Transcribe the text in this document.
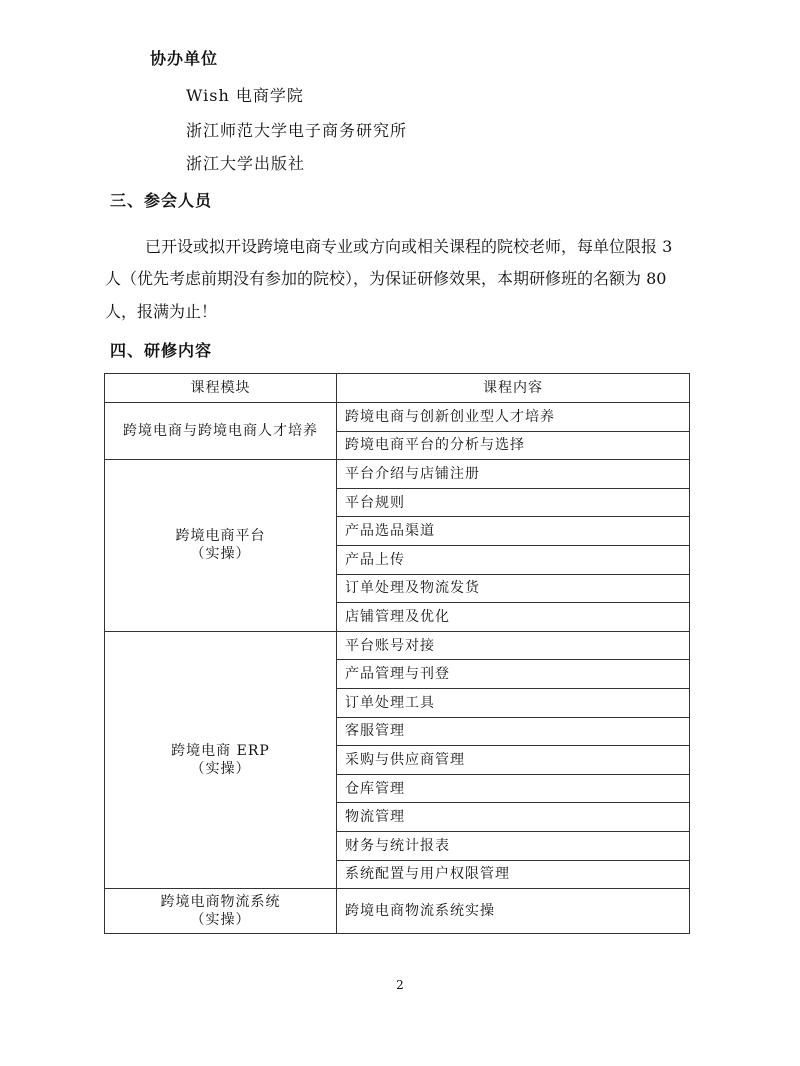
协办单位
Wish 电商学院
浙江师范大学电子商务研究所
浙江大学出版社
三、参会人员
已开设或拟开设跨境电商专业或方向或相关课程的院校老师，每单位限报 3
人（优先考虑前期没有参加的院校），为保证研修效果，本期研修班的名额为 80
人，报满为止！
四、研修内容
课程模块	课程内容

跨境电商与跨境电商人才培养	跨境电商与创新创业型人才培养
	跨境电商平台的分析与选择

跨境电商平台
（实操）	平台介绍与店铺注册
	平台规则
	产品选品渠道
	产品上传
	订单处理及物流发货
	店铺管理及优化

跨境电商 ERP
（实操）	平台账号对接
	产品管理与刊登
	订单处理工具
	客服管理
	采购与供应商管理
	仓库管理
	物流管理
	财务与统计报表
	系统配置与用户权限管理

跨境电商物流系统
（实操）	跨境电商物流系统实操
2
